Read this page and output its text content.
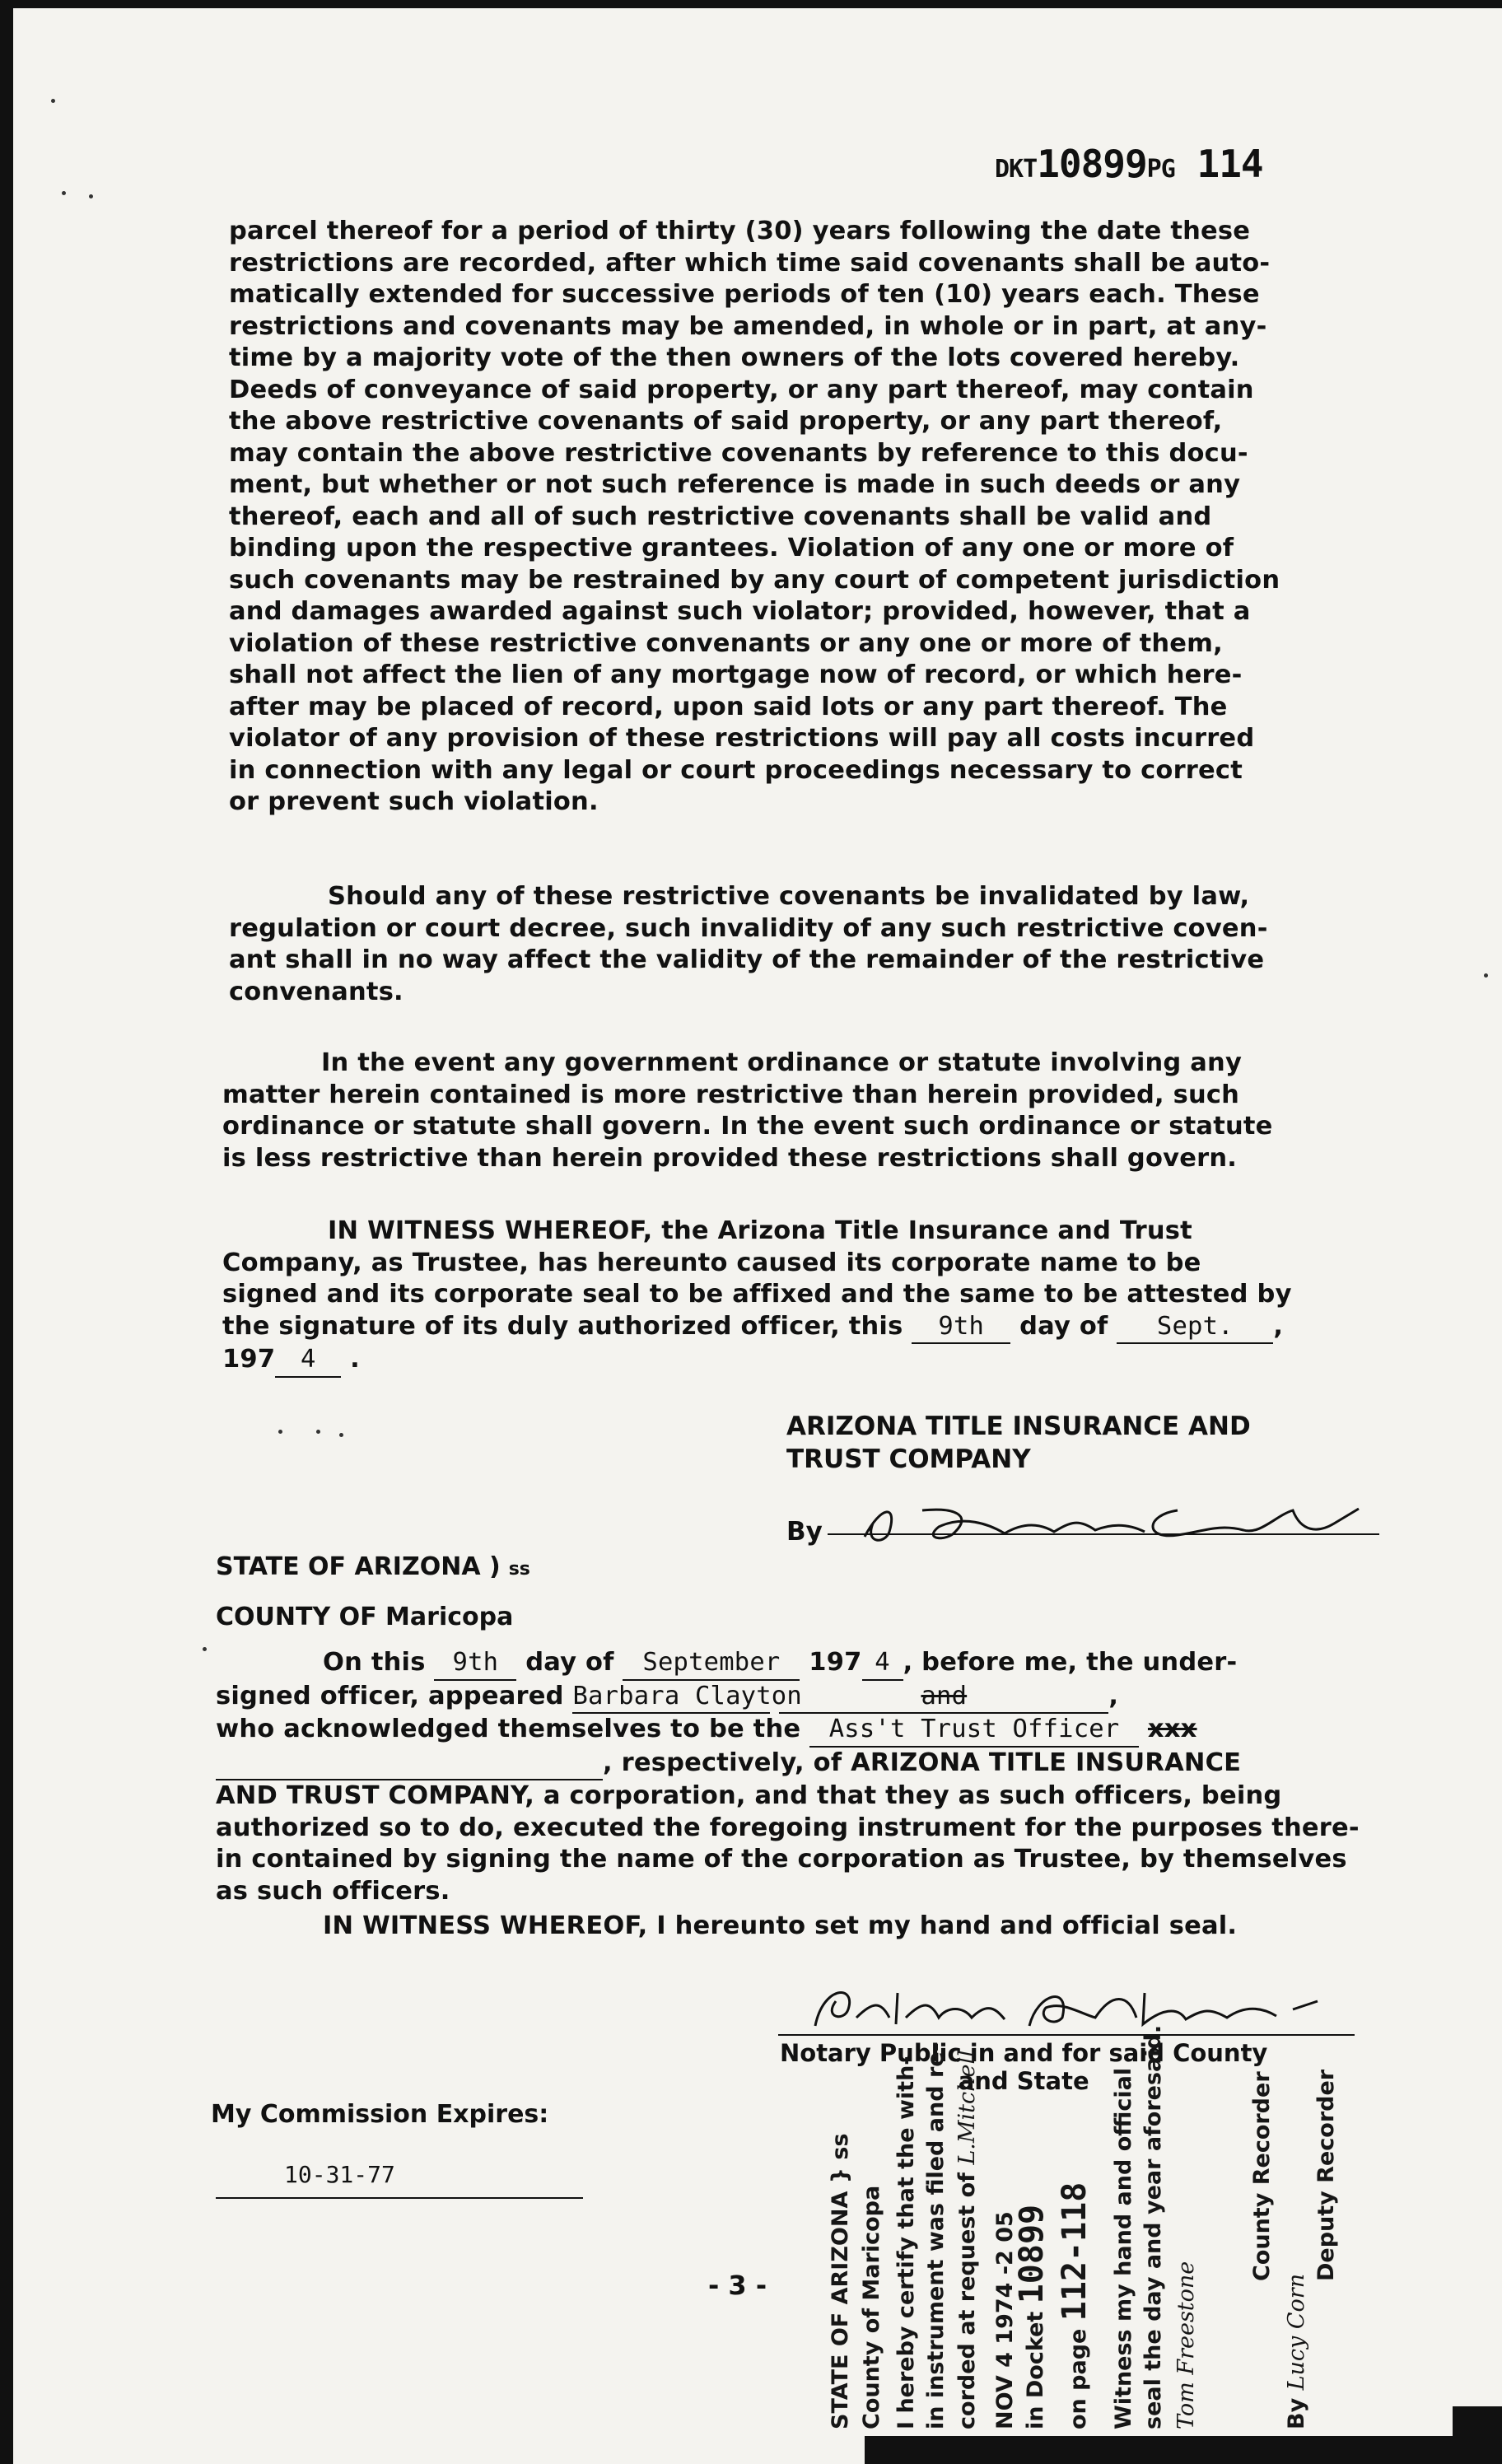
DKT10899PG 114
parcel thereof for a period of thirty (30) years following the date these
restrictions are recorded, after which time said covenants shall be auto-
matically extended for successive periods of ten (10) years each. These
restrictions and covenants may be amended, in whole or in part, at any-
time by a majority vote of the then owners of the lots covered hereby.
Deeds of conveyance of said property, or any part thereof, may contain
the above restrictive covenants of said property, or any part thereof,
may contain the above restrictive covenants by reference to this docu-
ment, but whether or not such reference is made in such deeds or any
thereof, each and all of such restrictive covenants shall be valid and
binding upon the respective grantees. Violation of any one or more of
such covenants may be restrained by any court of competent jurisdiction
and damages awarded against such violator; provided, however, that a
violation of these restrictive convenants or any one or more of them,
shall not affect the lien of any mortgage now of record, or which here-
after may be placed of record, upon said lots or any part thereof. The
violator of any provision of these restrictions will pay all costs incurred
in connection with any legal or court proceedings necessary to correct
or prevent such violation.
Should any of these restrictive covenants be invalidated by law,
regulation or court decree, such invalidity of any such restrictive coven-
ant shall in no way affect the validity of the remainder of the restrictive
convenants.
In the event any government ordinance or statute involving any
matter herein contained is more restrictive than herein provided, such
ordinance or statute shall govern. In the event such ordinance or statute
is less restrictive than herein provided these restrictions shall govern.
IN WITNESS WHEREOF, the Arizona Title Insurance and Trust
Company, as Trustee, has hereunto caused its corporate name to be
signed and its corporate seal to be affixed and the same to be attested by
the signature of its duly authorized officer, this 9th day of Sept. ,
197 4 .
ARIZONA TITLE INSURANCE AND
TRUST COMPANY
By
STATE OF ARIZONA ) ss
COUNTY OF Maricopa
On this 9th day of September 197 4 , before me, the under-
signed officer, appeared Barbara Clayton	and	,
who acknowledged themselves to be the Ass't Trust Officer xxx
, respectively, of ARIZONA TITLE INSURANCE
AND TRUST COMPANY, a corporation, and that they as such officers, being
authorized so to do, executed the foregoing instrument for the purposes there-
in contained by signing the name of the corporation as Trustee, by themselves
as such officers.
IN WITNESS WHEREOF, I hereunto set my hand and official seal.
Notary Public in and for said County
and State
My Commission Expires:
10-31-77
- 3 -	STATE OF ARIZONA } ss County of Maricopa I hereby certify that the with- in instrument was filed and re- corded at request of L.Mitchell
NOV 4 1974 -2 05 in Docket 10899
on page 112-118 Witness my hand and official seal the day and year aforesaid. Tom Freestone
County Recorder
By Lucy Corn
Deputy Recorder
